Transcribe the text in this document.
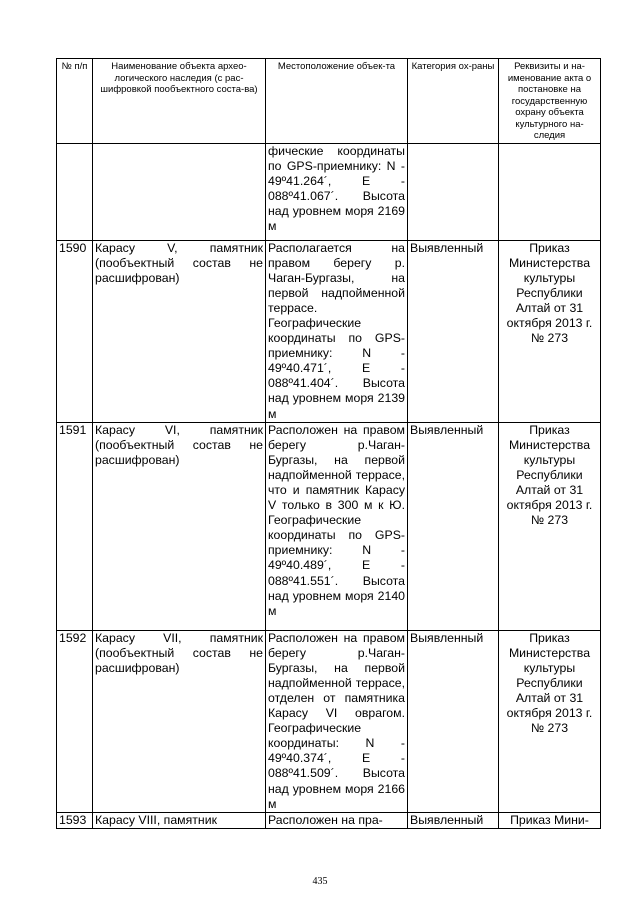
№ п/п	Наименование объекта архео-логического наследия (с рас-шифровкой пообъектного соста-ва)	Местоположение объек-та	Категория ох-раны	Реквизиты и на-именование акта о постановке на государственную охрану объекта культурного на-следия
		фические координаты по GPS-приемнику: N - 49º41.264´, E - 088º41.067´. Высота над уровнем моря 2169 м		
1590	Карасу V, памятник (пообъектный состав не расшифрован)	Располагается на правом берегу р. Чаган-Бургазы, на первой надпойменной террасе. Географические координаты по GPS-приемнику: N - 49º40.471´, E - 088º41.404´. Высота над уровнем моря 2139 м	Выявленный	Приказ Министерства культуры Республики Алтай от 31 октября 2013 г. № 273
1591	Карасу VI, памятник (пообъектный состав не расшифрован)	Расположен на правом берегу р.Чаган-Бургазы, на первой надпойменной террасе, что и памятник Карасу V только в 300 м к Ю. Географические координаты по GPS-приемнику: N - 49º40.489´, E - 088º41.551´. Высота над уровнем моря 2140 м	Выявленный	Приказ Министерства культуры Республики Алтай от 31 октября 2013 г. № 273
1592	Карасу VII, памятник (пообъектный состав не расшифрован)	Расположен на правом берегу р.Чаган-Бургазы, на первой надпойменной террасе, отделен от памятника Карасу VI оврагом. Географические координаты: N - 49º40.374´, E - 088º41.509´. Высота над уровнем моря 2166 м	Выявленный	Приказ Министерства культуры Республики Алтай от 31 октября 2013 г. № 273
1593	Карасу VIII, памятник	Расположен на пра-	Выявленный	Приказ Мини-
435
